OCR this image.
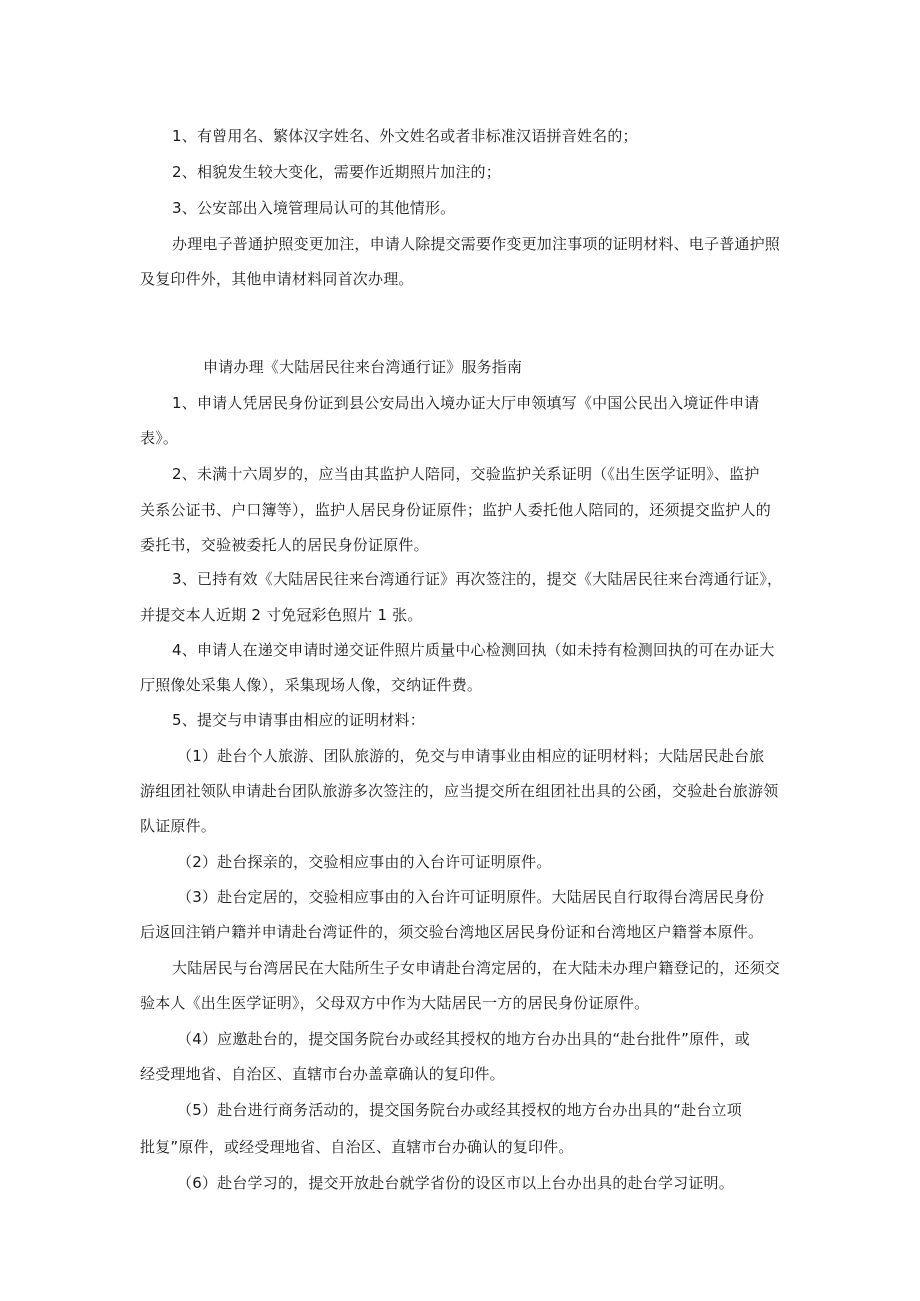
1、有曾用名、繁体汉字姓名、外文姓名或者非标准汉语拼音姓名的；
2、相貌发生较大变化，需要作近期照片加注的；
3、公安部出入境管理局认可的其他情形。
办理电子普通护照变更加注，申请人除提交需要作变更加注事项的证明材料、电子普通护照
及复印件外，其他申请材料同首次办理。
申请办理《大陆居民往来台湾通行证》服务指南
1、申请人凭居民身份证到县公安局出入境办证大厅申领填写《中国公民出入境证件申请
表》。
2、未满十六周岁的，应当由其监护人陪同，交验监护关系证明（《出生医学证明》、监护
关系公证书、户口簿等），监护人居民身份证原件；监护人委托他人陪同的，还须提交监护人的
委托书，交验被委托人的居民身份证原件。
3、已持有效《大陆居民往来台湾通行证》再次签注的，提交《大陆居民往来台湾通行证》，
并提交本人近期 2 寸免冠彩色照片 1 张。
4、申请人在递交申请时递交证件照片质量中心检测回执（如未持有检测回执的可在办证大
厅照像处采集人像），采集现场人像，交纳证件费。
5、提交与申请事由相应的证明材料：
（1）赴台个人旅游、团队旅游的，免交与申请事业由相应的证明材料；大陆居民赴台旅
游组团社领队申请赴台团队旅游多次签注的，应当提交所在组团社出具的公函，交验赴台旅游领
队证原件。
（2）赴台探亲的，交验相应事由的入台许可证明原件。
（3）赴台定居的，交验相应事由的入台许可证明原件。大陆居民自行取得台湾居民身份
后返回注销户籍并申请赴台湾证件的，须交验台湾地区居民身份证和台湾地区户籍誉本原件。
大陆居民与台湾居民在大陆所生子女申请赴台湾定居的，在大陆未办理户籍登记的，还须交
验本人《出生医学证明》，父母双方中作为大陆居民一方的居民身份证原件。
（4）应邀赴台的，提交国务院台办或经其授权的地方台办出具的“赴台批件”原件，或
经受理地省、自治区、直辖市台办盖章确认的复印件。
（5）赴台进行商务活动的，提交国务院台办或经其授权的地方台办出具的“赴台立项
批复”原件，或经受理地省、自治区、直辖市台办确认的复印件。
（6）赴台学习的，提交开放赴台就学省份的设区市以上台办出具的赴台学习证明。
